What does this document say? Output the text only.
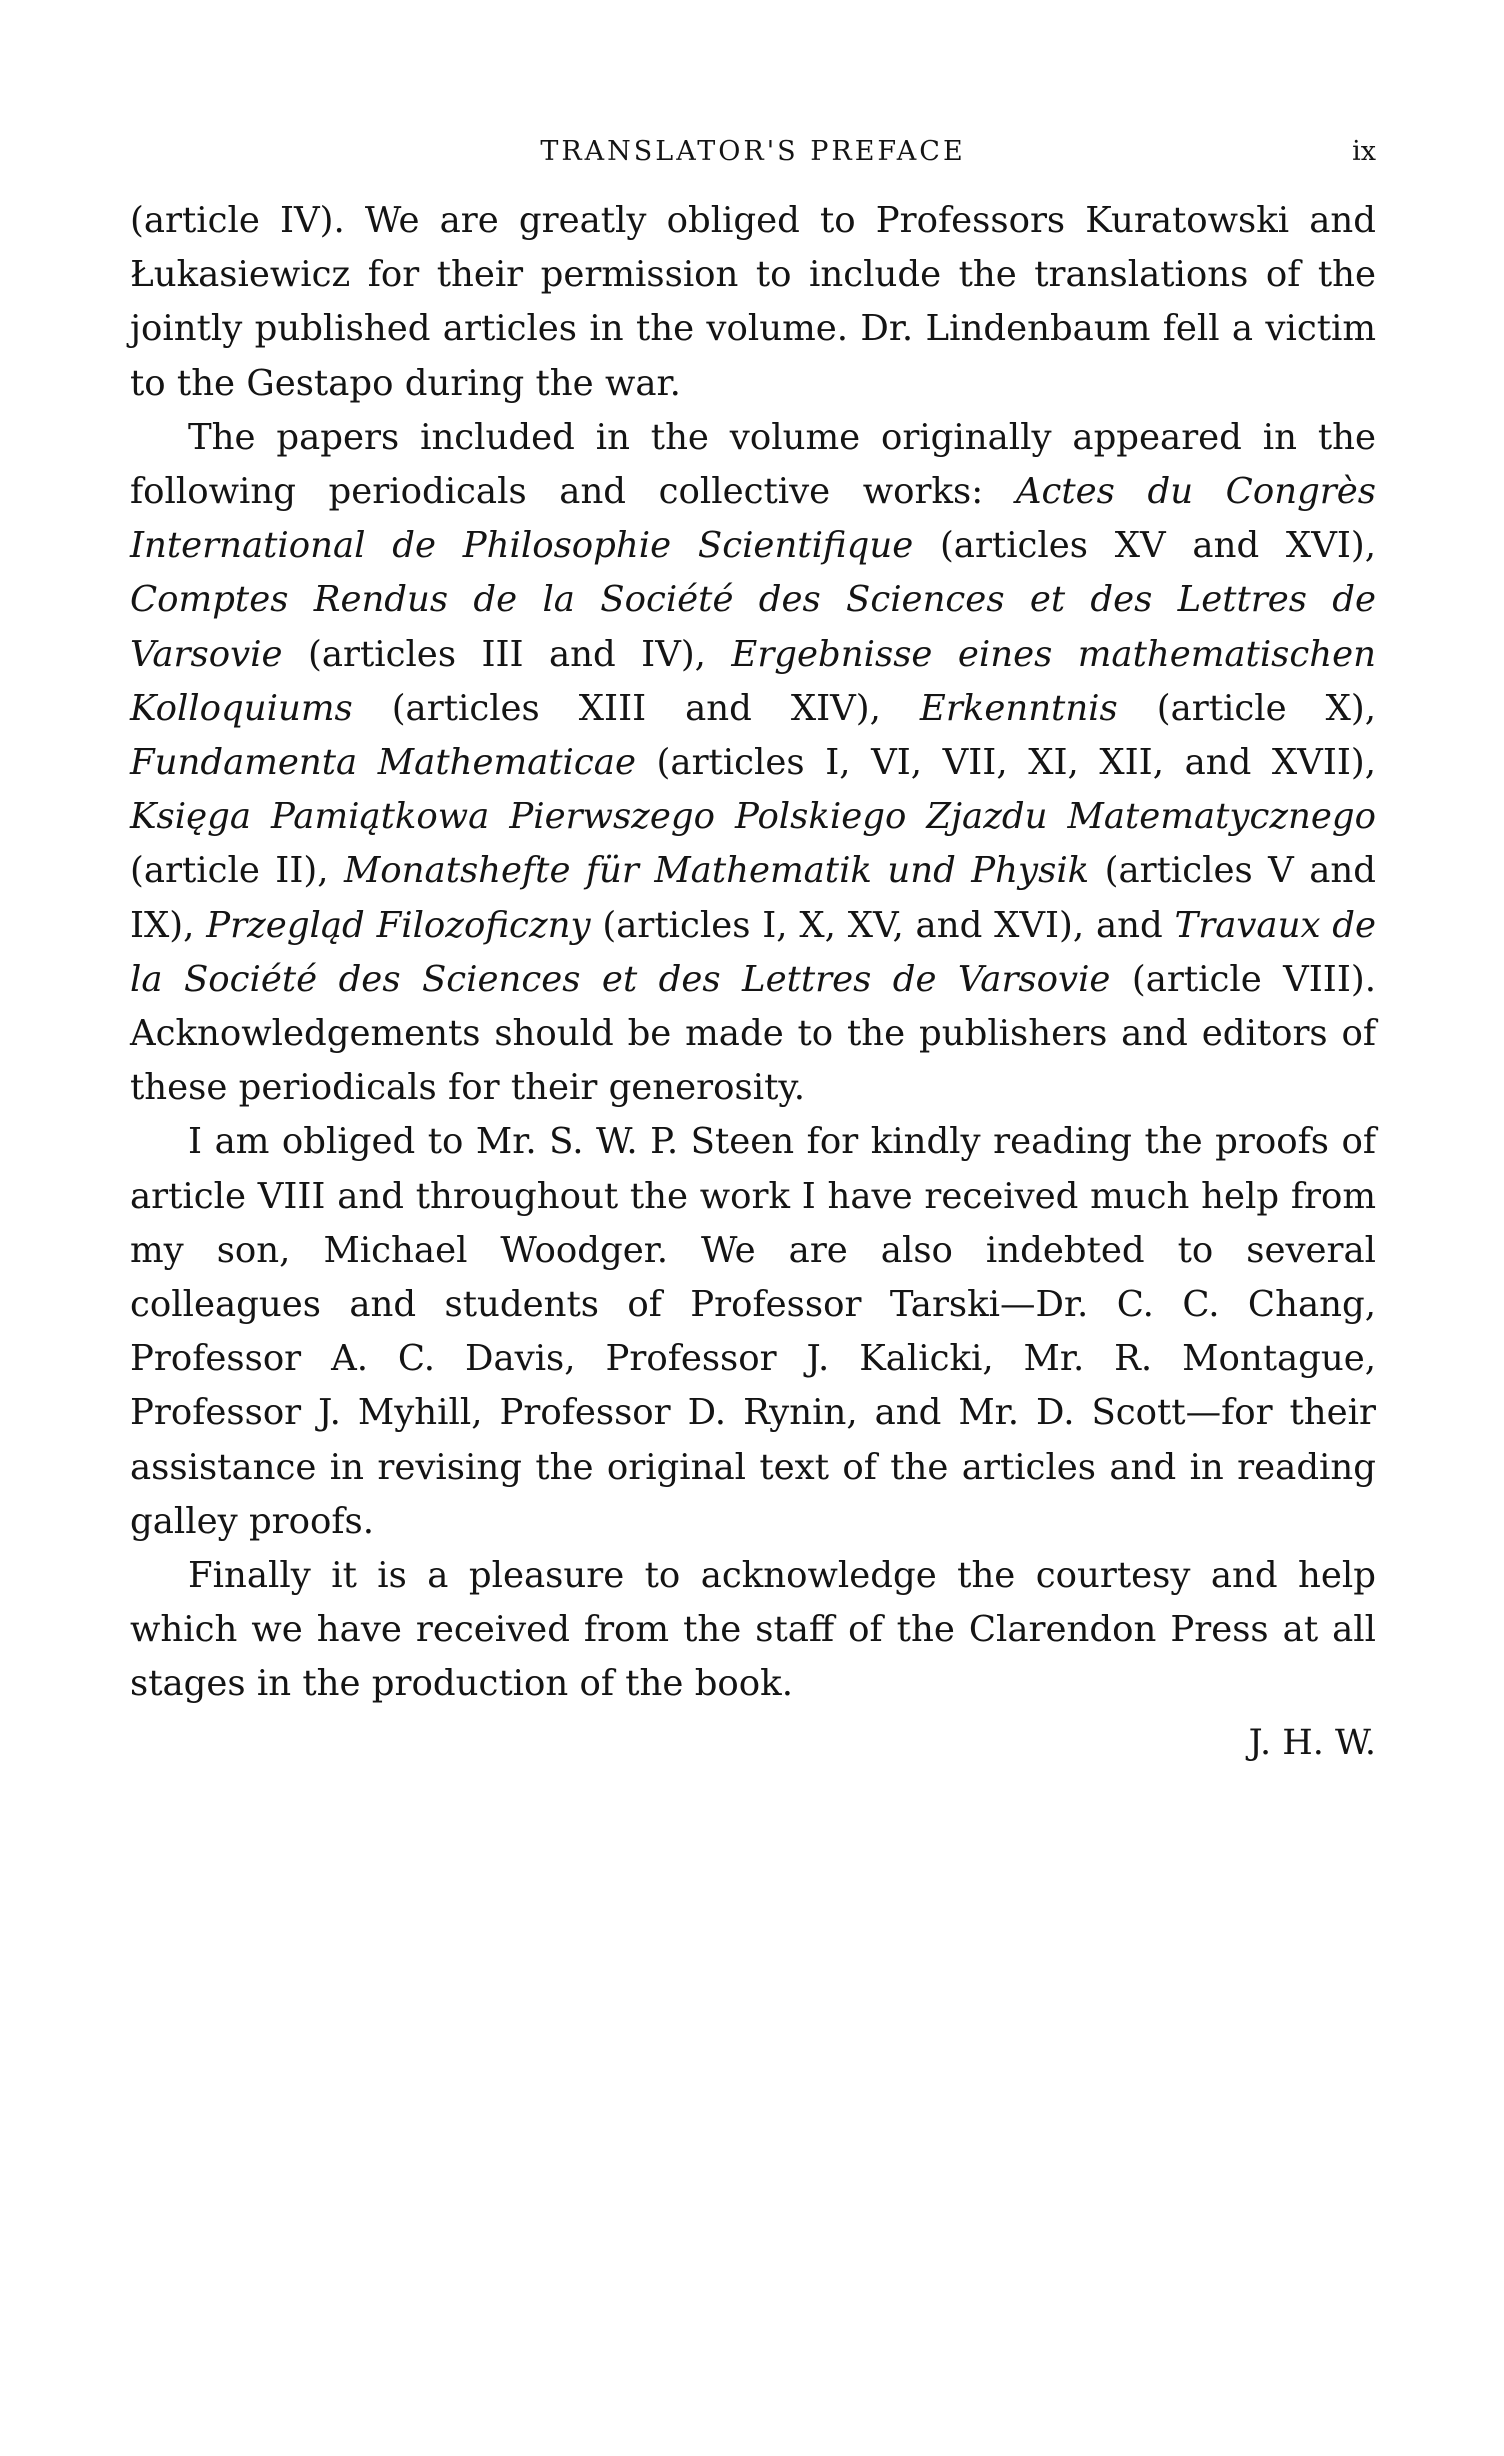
TRANSLATOR'S PREFACE	ix

(article IV). We are greatly obliged to Professors Kuratowski and Łukasiewicz for their permission to include the translations of the jointly published articles in the volume. Dr. Lindenbaum fell a victim to the Gestapo during the war.

The papers included in the volume originally appeared in the following periodicals and collective works: Actes du Congrès International de Philosophie Scientifique (articles XV and XVI), Comptes Rendus de la Société des Sciences et des Lettres de Varsovie (articles III and IV), Ergebnisse eines mathematischen Kolloquiums (articles XIII and XIV), Erkenntnis (article X), Fundamenta Mathematicae (articles I, VI, VII, XI, XII, and XVII), Księga Pamiątkowa Pierwszego Polskiego Zjazdu Matematycznego (article II), Monatshefte für Mathematik und Physik (articles V and IX), Przegląd Filozoficzny (articles I, X, XV, and XVI), and Travaux de la Société des Sciences et des Lettres de Varsovie (article VIII). Acknowledgements should be made to the publishers and editors of these periodicals for their generosity.

I am obliged to Mr. S. W. P. Steen for kindly reading the proofs of article VIII and throughout the work I have received much help from my son, Michael Woodger. We are also indebted to several colleagues and students of Professor Tarski—Dr. C. C. Chang, Professor A. C. Davis, Professor J. Kalicki, Mr. R. Montague, Professor J. Myhill, Professor D. Rynin, and Mr. D. Scott—for their assistance in revising the original text of the articles and in reading galley proofs.

Finally it is a pleasure to acknowledge the courtesy and help which we have received from the staff of the Clarendon Press at all stages in the production of the book.

J. H. W.
